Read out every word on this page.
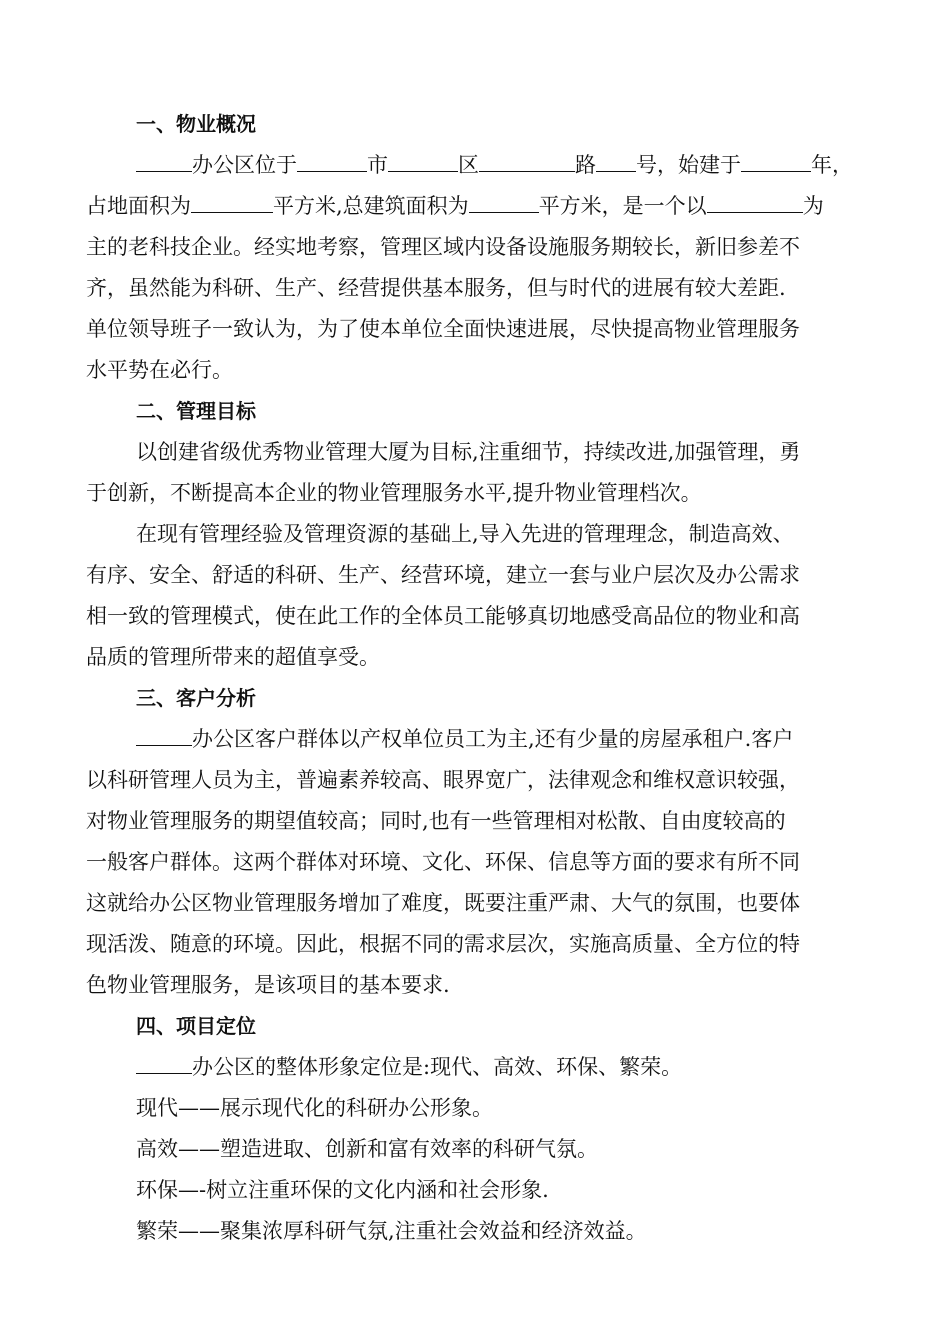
一、物业概况
办公区位于	市	区	路 号，始建于	年，
占地面积为	平方米,总建筑面积为	平方米，是一个以	为
主的老科技企业。经实地考察，管理区域内设备设施服务期较长，新旧参差不
齐，虽然能为科研、生产、经营提供基本服务，但与时代的进展有较大差距.
单位领导班子一致认为，为了使本单位全面快速进展，尽快提高物业管理服务
水平势在必行。
二、管理目标
以创建省级优秀物业管理大厦为目标,注重细节，持续改进,加强管理，勇
于创新，不断提高本企业的物业管理服务水平,提升物业管理档次。
在现有管理经验及管理资源的基础上,导入先进的管理理念，制造高效、
有序、安全、舒适的科研、生产、经营环境，建立一套与业户层次及办公需求
相一致的管理模式，使在此工作的全体员工能够真切地感受高品位的物业和高
品质的管理所带来的超值享受。
三、客户分析
办公区客户群体以产权单位员工为主,还有少量的房屋承租户.客户
以科研管理人员为主，普遍素养较高、眼界宽广，法律观念和维权意识较强，
对物业管理服务的期望值较高；同时,也有一些管理相对松散、自由度较高的
一般客户群体。这两个群体对环境、文化、环保、信息等方面的要求有所不同
这就给办公区物业管理服务增加了难度，既要注重严肃、大气的氛围，也要体
现活泼、随意的环境。因此，根据不同的需求层次，实施高质量、全方位的特
色物业管理服务，是该项目的基本要求.
四、项目定位
办公区的整体形象定位是:现代、高效、环保、繁荣。
现代——展示现代化的科研办公形象。
高效——塑造进取、创新和富有效率的科研气氛。
环保—-树立注重环保的文化内涵和社会形象.
繁荣——聚集浓厚科研气氛,注重社会效益和经济效益。
